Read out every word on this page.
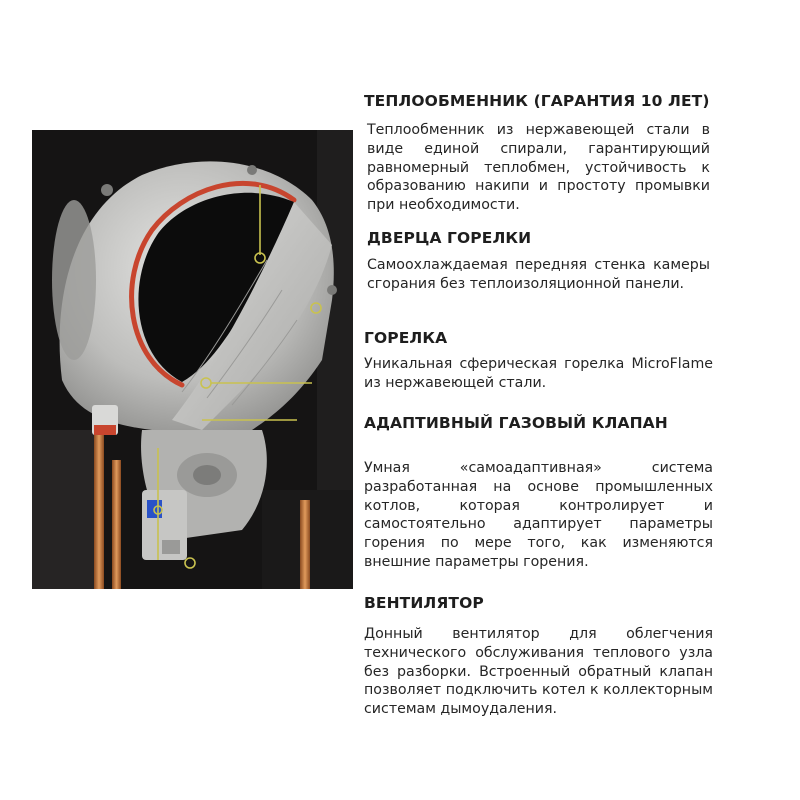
ТЕПЛООБМЕННИК (ГАРАНТИЯ 10 ЛЕТ)

Теплообменник из нержавеющей стали в виде единой спирали, гарантирующий равномерный теплобмен, устойчивость к образованию накипи и простоту промывки при необходимости.

ДВЕРЦА ГОРЕЛКИ

Самоохлаждаемая передняя стенка камеры сгорания без теплоизоляционной панели.

ГОРЕЛКА

Уникальная сферическая горелка MicroFlame из нержавеющей стали.

АДАПТИВНЫЙ ГАЗОВЫЙ КЛАПАН

Умная «самоадаптивная» система разработанная на основе промышленных котлов, которая контролирует и самостоятельно адаптирует параметры горения по мере того, как изменяются внешние параметры горения.

ВЕНТИЛЯТОР

Донный вентилятор для облегчения технического обслуживания теплового узла без разборки. Встроенный обратный клапан позволяет подключить котел к коллекторным системам дымоудаления.
